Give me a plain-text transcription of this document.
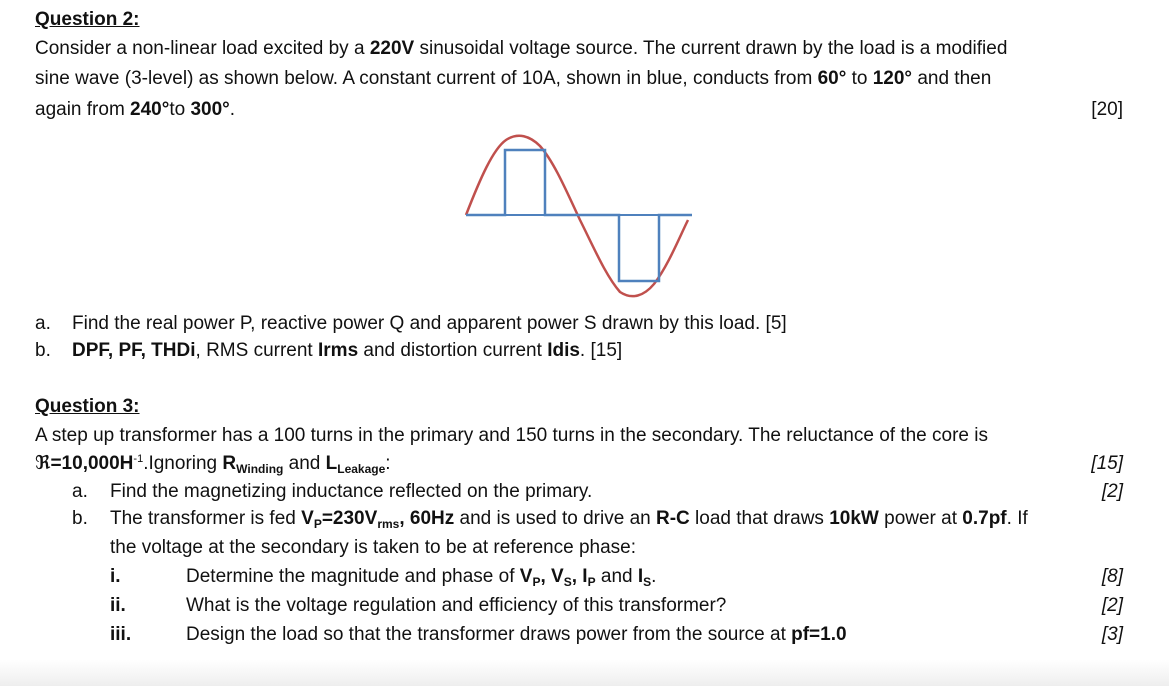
Question 2:
Consider a non-linear load excited by a 220V sinusoidal voltage source. The current drawn by the load is a modified
sine wave (3-level) as shown below. A constant current of 10A, shown in blue, conducts from 60° to 120° and then
again from 240°to 300°.	[20]
a. Find the real power P, reactive power Q and apparent power S drawn by this load. [5]
b. DPF, PF, THDi, RMS current Irms and distortion current Idis. [15]
Question 3:
A step up transformer has a 100 turns in the primary and 150 turns in the secondary. The reluctance of the core is
$ℜ=10,000H^{-1}.Ignoring$ $R_{Winding}$ and $L_{Leakage}$:	[15]
a. Find the magnetizing inductance reflected on the primary.	[2]
b. The transformer is fed $V_P=230V_{rms}$, 60Hz and is used to drive an R-C load that draws 10kW power at 0.7pf. If
the voltage at the secondary is taken to be at reference phase:
i.	Determine the magnitude and phase of $V_P$, $V_S$, $I_P$ and $I_S$.	[8]
ii.	What is the voltage regulation and efficiency of this transformer?	[2]
iii.	Design the load so that the transformer draws power from the source at pf=1.0	[3]
